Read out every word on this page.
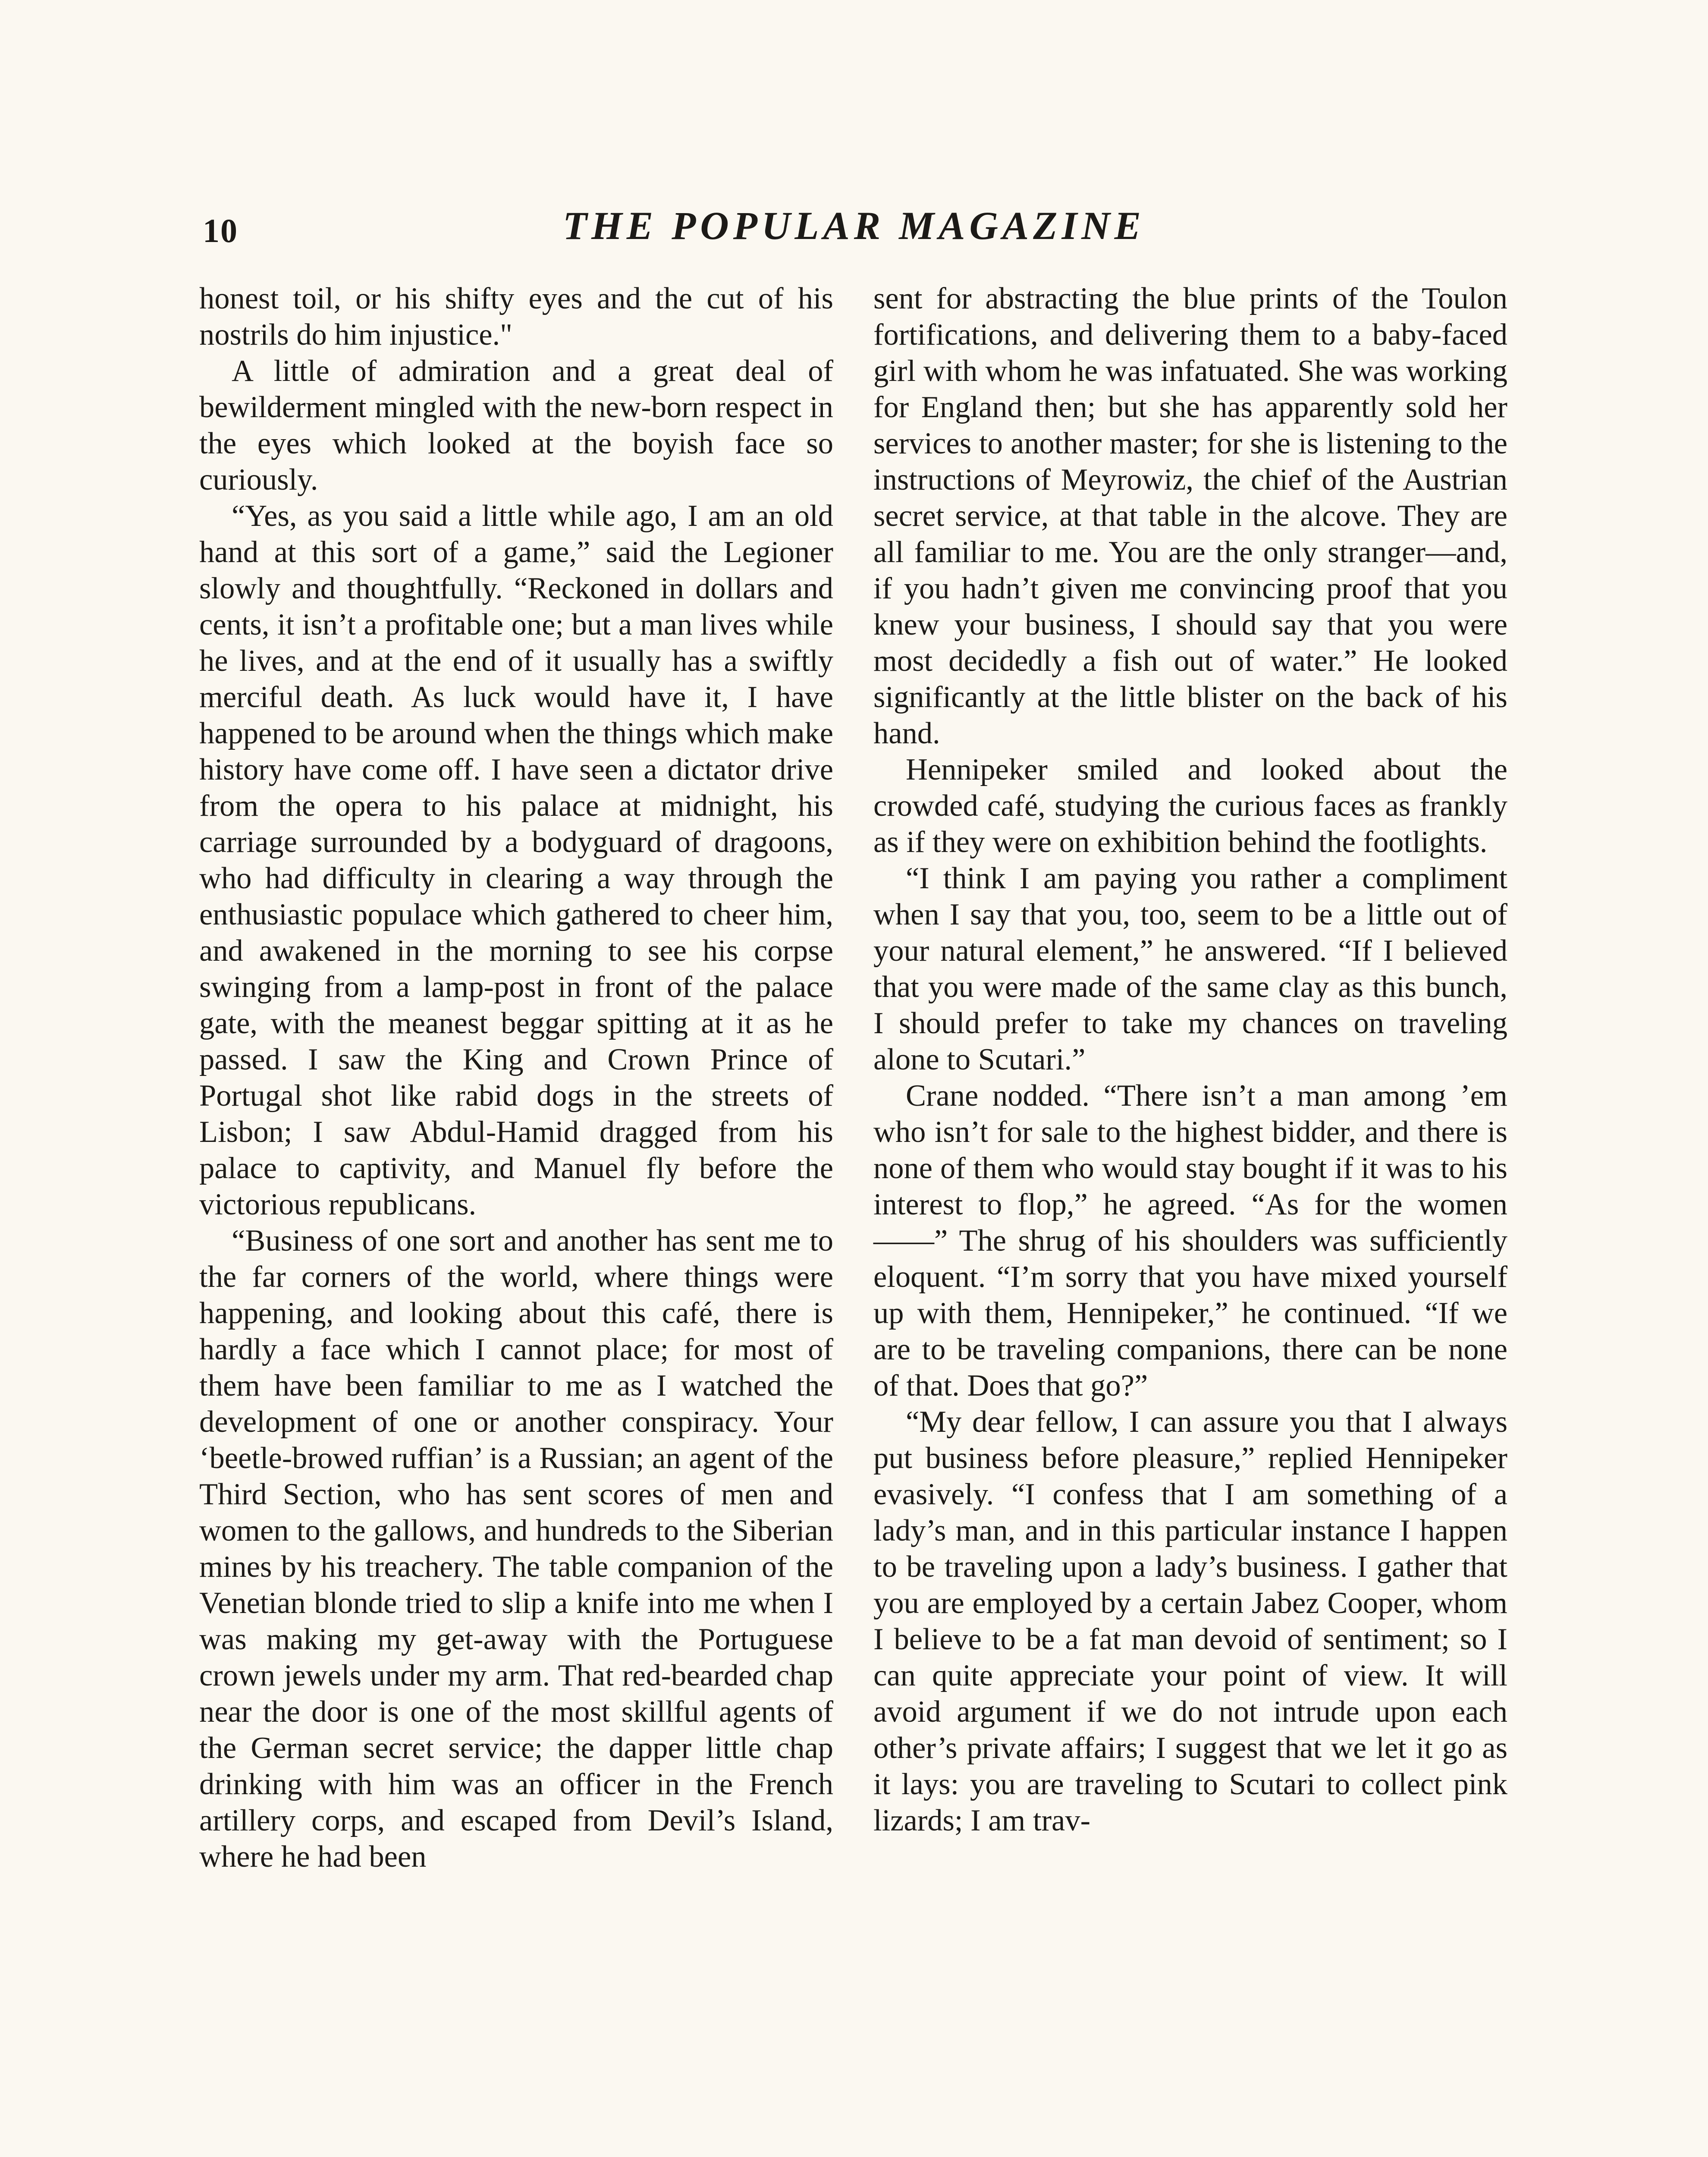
10	THE POPULAR MAGAZINE

honest toil, or his shifty eyes and the cut of his nostrils do him injustice."

A little of admiration and a great deal of bewilderment mingled with the new-born respect in the eyes which looked at the boyish face so curiously.

“Yes, as you said a little while ago, I am an old hand at this sort of a game,” said the Legioner slowly and thoughtfully. “Reckoned in dollars and cents, it isn’t a profitable one; but a man lives while he lives, and at the end of it usually has a swiftly merciful death. As luck would have it, I have happened to be around when the things which make history have come off. I have seen a dictator drive from the opera to his palace at midnight, his carriage surrounded by a bodyguard of dragoons, who had difficulty in clearing a way through the enthusiastic populace which gathered to cheer him, and awakened in the morning to see his corpse swinging from a lamp-post in front of the palace gate, with the meanest beggar spitting at it as he passed. I saw the King and Crown Prince of Portugal shot like rabid dogs in the streets of Lisbon; I saw Abdul-Hamid dragged from his palace to captivity, and Manuel fly before the victorious republicans.

“Business of one sort and another has sent me to the far corners of the world, where things were happening, and looking about this café, there is hardly a face which I cannot place; for most of them have been familiar to me as I watched the development of one or another conspiracy. Your ‘beetle-browed ruffian’ is a Russian; an agent of the Third Section, who has sent scores of men and women to the gallows, and hundreds to the Siberian mines by his treachery. The table companion of the Venetian blonde tried to slip a knife into me when I was making my get-away with the Portuguese crown jewels under my arm. That red-bearded chap near the door is one of the most skillful agents of the German secret service; the dapper little chap drinking with him was an officer in the French artillery corps, and escaped from Devil’s Island, where he had been

sent for abstracting the blue prints of the Toulon fortifications, and delivering them to a baby-faced girl with whom he was infatuated. She was working for England then; but she has apparently sold her services to another master; for she is listening to the instructions of Meyrowiz, the chief of the Austrian secret service, at that table in the alcove. They are all familiar to me. You are the only stranger—and, if you hadn’t given me convincing proof that you knew your business, I should say that you were most decidedly a fish out of water.” He looked significantly at the little blister on the back of his hand.

Hennipeker smiled and looked about the crowded café, studying the curious faces as frankly as if they were on exhibition behind the footlights.

“I think I am paying you rather a compliment when I say that you, too, seem to be a little out of your natural element,” he answered. “If I believed that you were made of the same clay as this bunch, I should prefer to take my chances on traveling alone to Scutari.”

Crane nodded. “There isn’t a man among ’em who isn’t for sale to the highest bidder, and there is none of them who would stay bought if it was to his interest to flop,” he agreed. “As for the women——” The shrug of his shoulders was sufficiently eloquent. “I’m sorry that you have mixed yourself up with them, Hennipeker,” he continued. “If we are to be traveling companions, there can be none of that. Does that go?”

“My dear fellow, I can assure you that I always put business before pleasure,” replied Hennipeker evasively. “I confess that I am something of a lady’s man, and in this particular instance I happen to be traveling upon a lady’s business. I gather that you are employed by a certain Jabez Cooper, whom I believe to be a fat man devoid of sentiment; so I can quite appreciate your point of view. It will avoid argument if we do not intrude upon each other’s private affairs; I suggest that we let it go as it lays: you are traveling to Scutari to collect pink lizards; I am trav-
